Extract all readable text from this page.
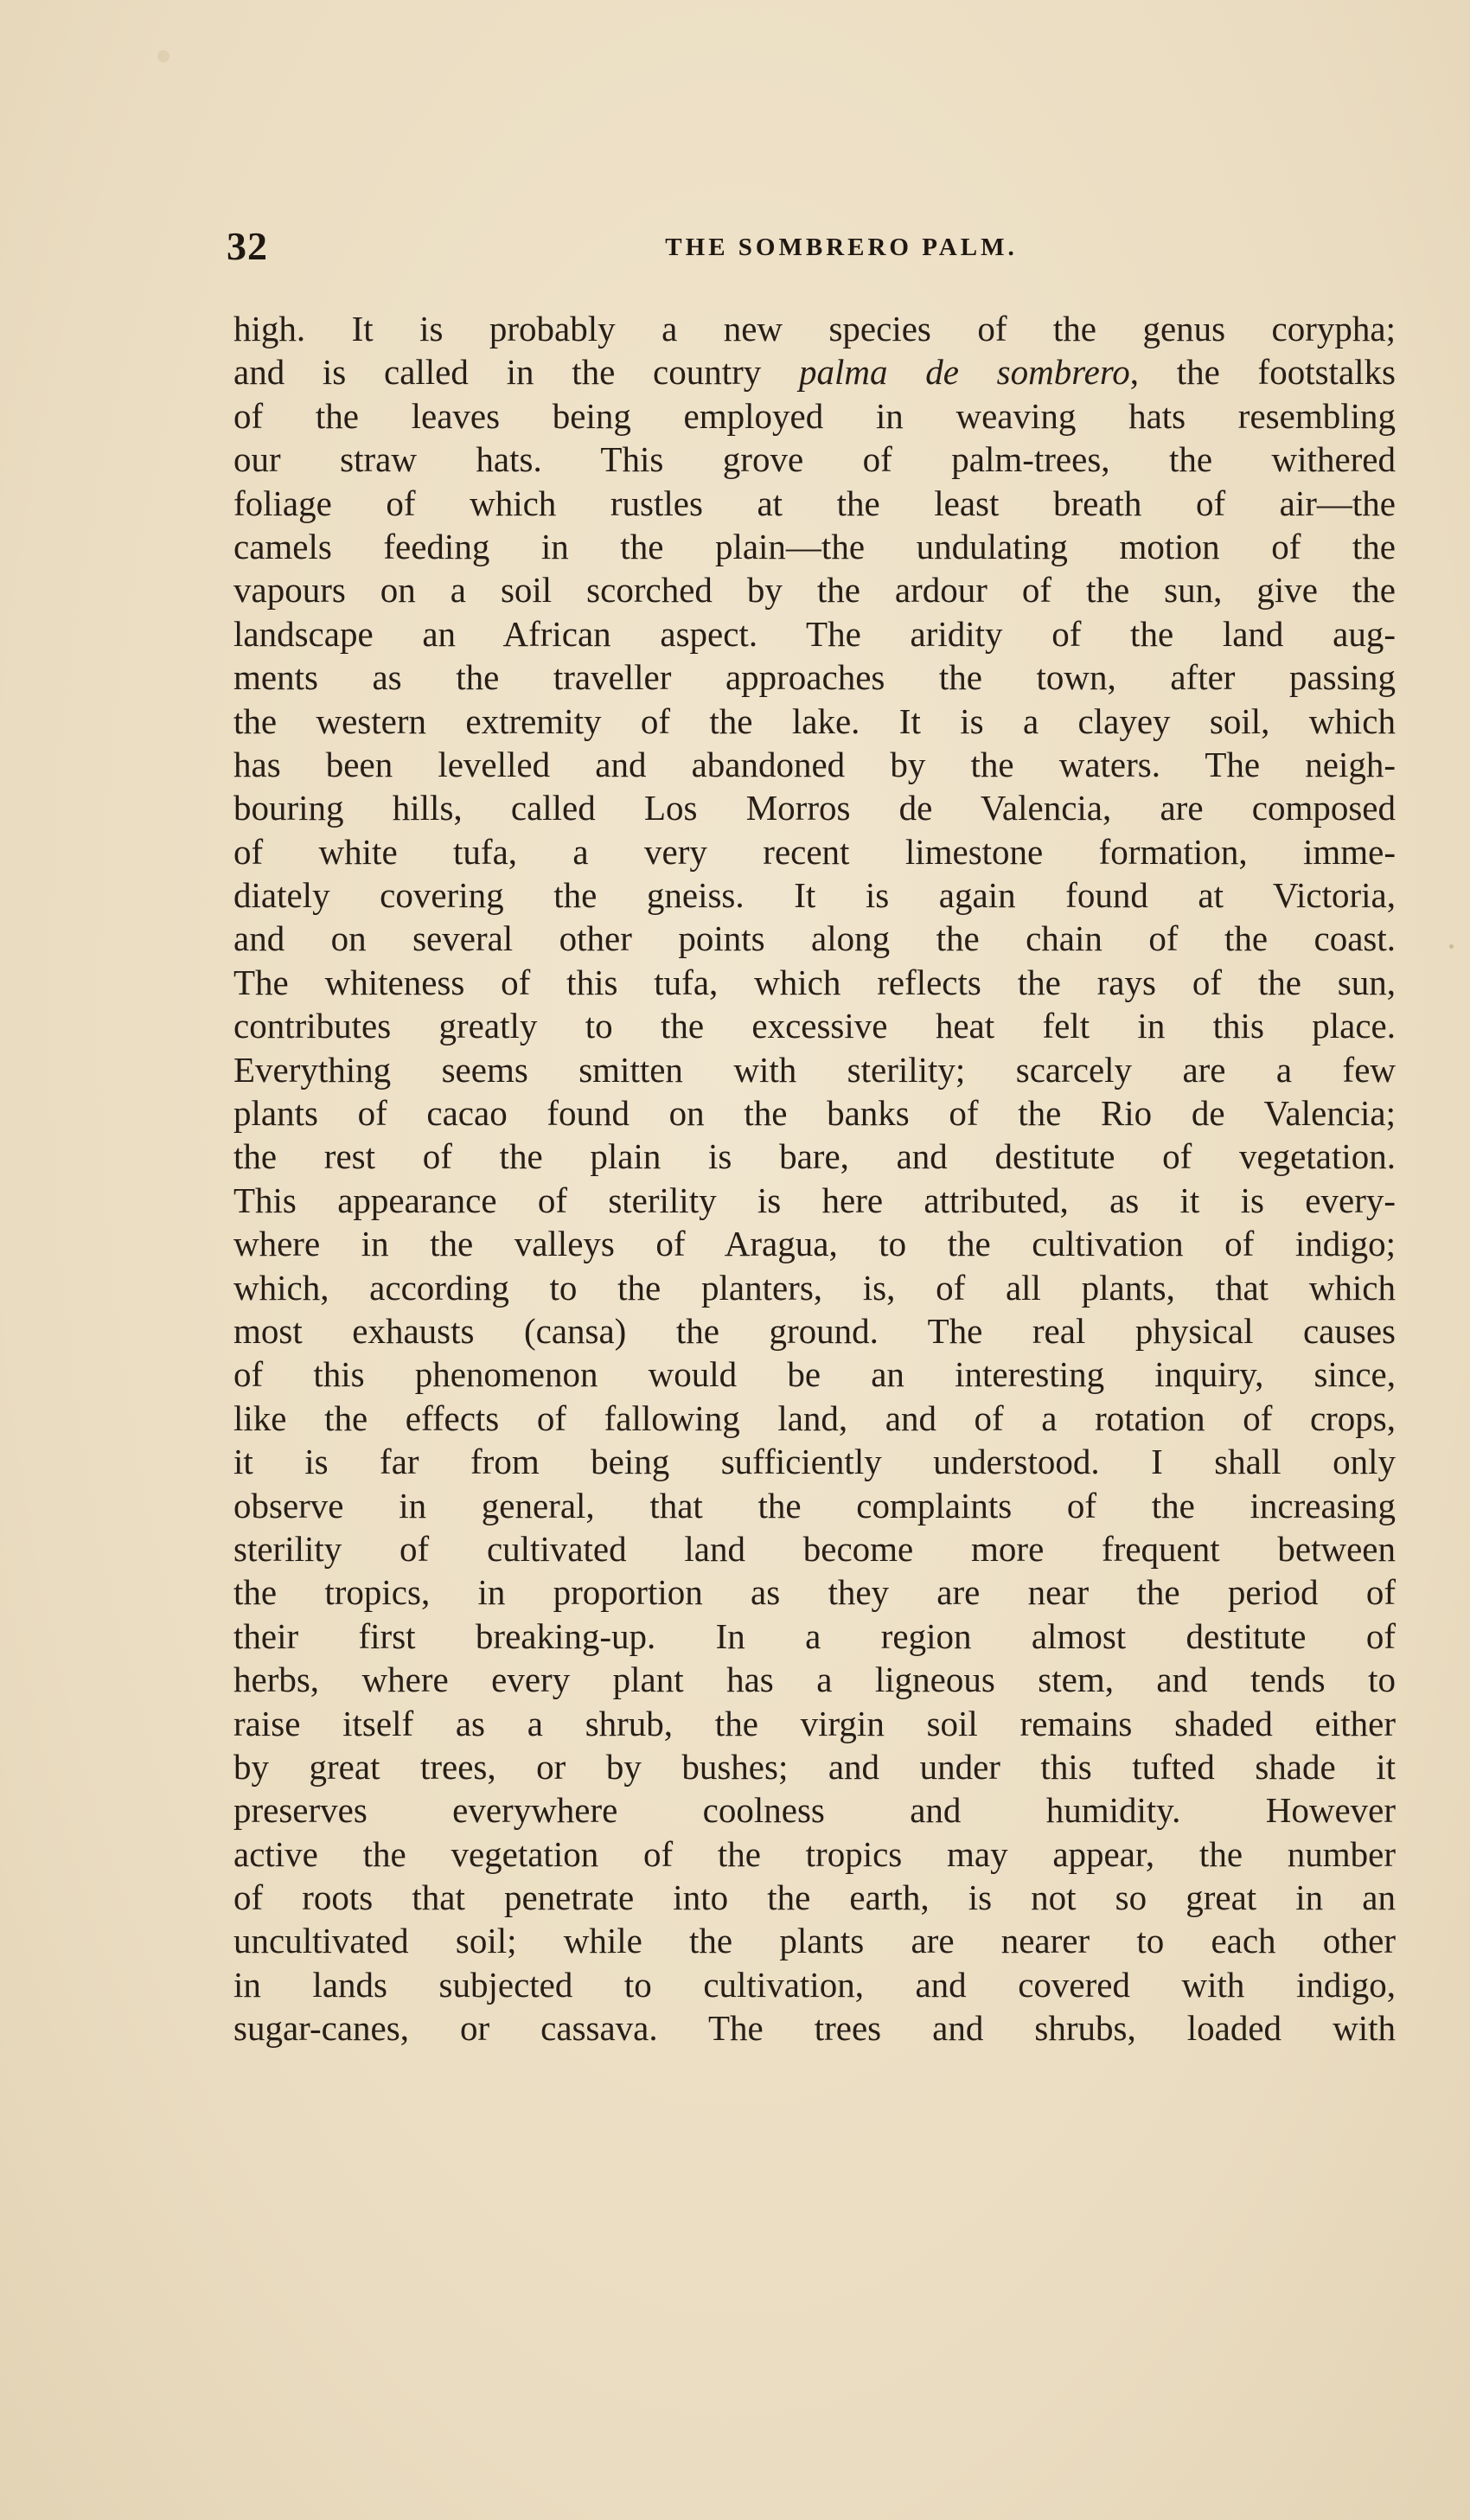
32	THE SOMBRERO PALM.
high. It is probably a new species of the genus corypha;
and is called in the country palma de sombrero, the footstalks
of the leaves being employed in weaving hats resembling
our straw hats. This grove of palm-trees, the withered
foliage of which rustles at the least breath of air—the
camels feeding in the plain—the undulating motion of the
vapours on a soil scorched by the ardour of the sun, give the
landscape an African aspect. The aridity of the land aug-
ments as the traveller approaches the town, after passing
the western extremity of the lake. It is a clayey soil, which
has been levelled and abandoned by the waters. The neigh-
bouring hills, called Los Morros de Valencia, are composed
of white tufa, a very recent limestone formation, imme-
diately covering the gneiss. It is again found at Victoria,
and on several other points along the chain of the coast.
The whiteness of this tufa, which reflects the rays of the sun,
contributes greatly to the excessive heat felt in this place.
Everything seems smitten with sterility; scarcely are a few
plants of cacao found on the banks of the Rio de Valencia;
the rest of the plain is bare, and destitute of vegetation.
This appearance of sterility is here attributed, as it is every-
where in the valleys of Aragua, to the cultivation of indigo;
which, according to the planters, is, of all plants, that which
most exhausts (cansa) the ground. The real physical causes
of this phenomenon would be an interesting inquiry, since,
like the effects of fallowing land, and of a rotation of crops,
it is far from being sufficiently understood. I shall only
observe in general, that the complaints of the increasing
sterility of cultivated land become more frequent between
the tropics, in proportion as they are near the period of
their first breaking-up. In a region almost destitute of
herbs, where every plant has a ligneous stem, and tends to
raise itself as a shrub, the virgin soil remains shaded either
by great trees, or by bushes; and under this tufted shade it
preserves everywhere coolness and humidity. However
active the vegetation of the tropics may appear, the number
of roots that penetrate into the earth, is not so great in an
uncultivated soil; while the plants are nearer to each other
in lands subjected to cultivation, and covered with indigo,
sugar-canes, or cassava. The trees and shrubs, loaded with
